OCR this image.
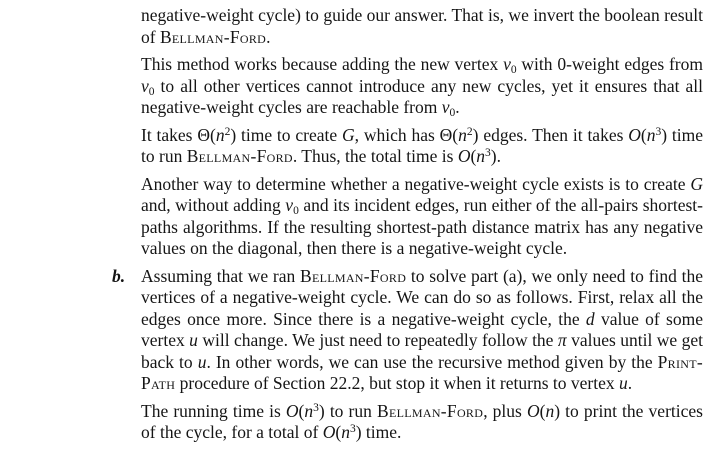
negative-weight cycle) to guide our answer. That is, we invert the boolean result of Bellman-Ford.

This method works because adding the new vertex $v_0$ with 0-weight edges from $v_0$ to all other vertices cannot introduce any new cycles, yet it ensures that all negative-weight cycles are reachable from $v_0$.

It takes $\Theta(n^2)$ time to create G, which has $\Theta(n^2)$ edges. Then it takes $O(n^3)$ time to run Bellman-Ford. Thus, the total time is $O(n^3)$.

Another way to determine whether a negative-weight cycle exists is to create G and, without adding $v_0$ and its incident edges, run either of the all-pairs shortest-paths algorithms. If the resulting shortest-path distance matrix has any negative values on the diagonal, then there is a negative-weight cycle.

b. Assuming that we ran Bellman-Ford to solve part (a), we only need to find the vertices of a negative-weight cycle. We can do so as follows. First, relax all the edges once more. Since there is a negative-weight cycle, the d value of some vertex u will change. We just need to repeatedly follow the π values until we get back to u. In other words, we can use the recursive method given by the Print-Path procedure of Section 22.2, but stop it when it returns to vertex u.

The running time is $O(n^3)$ to run Bellman-Ford, plus O(n) to print the vertices of the cycle, for a total of $O(n^3)$ time.
